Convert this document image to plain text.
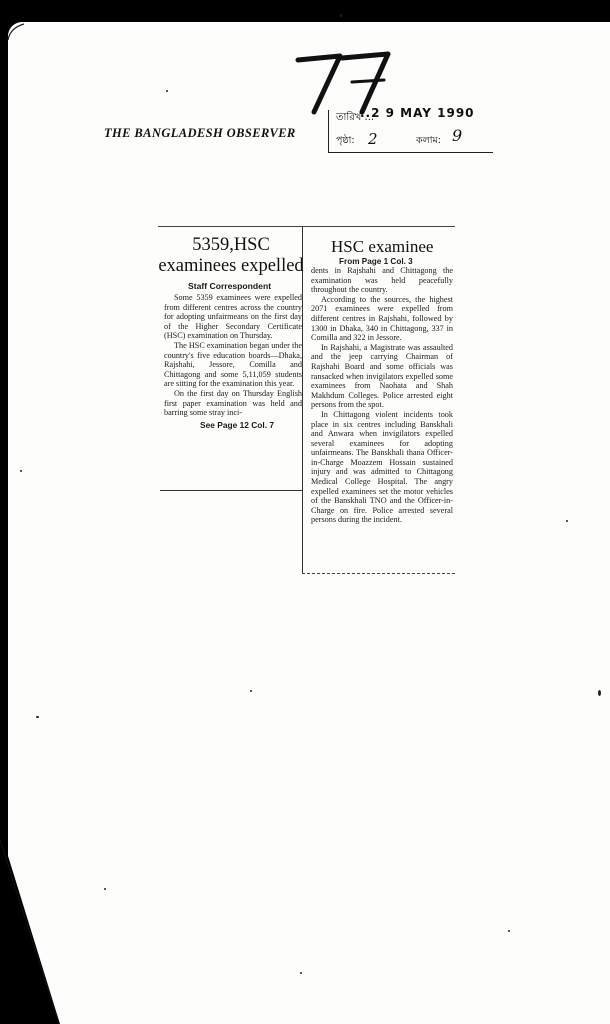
THE BANGLADESH OBSERVER
তারিখ ...
..2 9 MAY 1990
পৃষ্ঠা: 2	কলাম: 9
5359,HSC examinees expelled
Staff Correspondent

Some 5359 examinees were expelled from different centres across the country for adopting unfairmeans on the first day of the Higher Secondary Certificate (HSC) examination on Thursday.

The HSC examination began under the country's five education boards—Dhaka, Rajshahi, Jessore, Comilla and Chittagong and some 5,11,059 students are sitting for the examination this year.

On the first day on Thursday English first paper examination was held and barring some stray inci-

See Page 12 Col. 7
HSC examinee
From Page 1 Col. 3

dents in Rajshahi and Chittagong the examination was held peacefully throughout the country.

According to the sources, the highest 2071 examinees were expelled from different centres in Rajshahi, followed by 1300 in Dhaka, 340 in Chittagong, 337 in Comilla and 322 in Jessore.

In Rajshahi, a Magistrate was assaulted and the jeep carrying Chairman of Rajshahi Board and some officials was ransacked when invigilators expelled some examinees from Naohata and Shah Makhdum Colleges. Police arrested eight persons from the spot.

In Chittagong violent incidents took place in six centres including Banskhali and Anwara when invigilators expelled several examinees for adopting unfairmeans. The Banskhali thana Officer-in-Charge Moazzem Hossain sustained injury and was admitted to Chittagong Medical College Hospital. The angry expelled examinees set the motor vehicles of the Banskhali TNO and the Officer-in-Charge on fire. Police arrested several persons during the incident.
